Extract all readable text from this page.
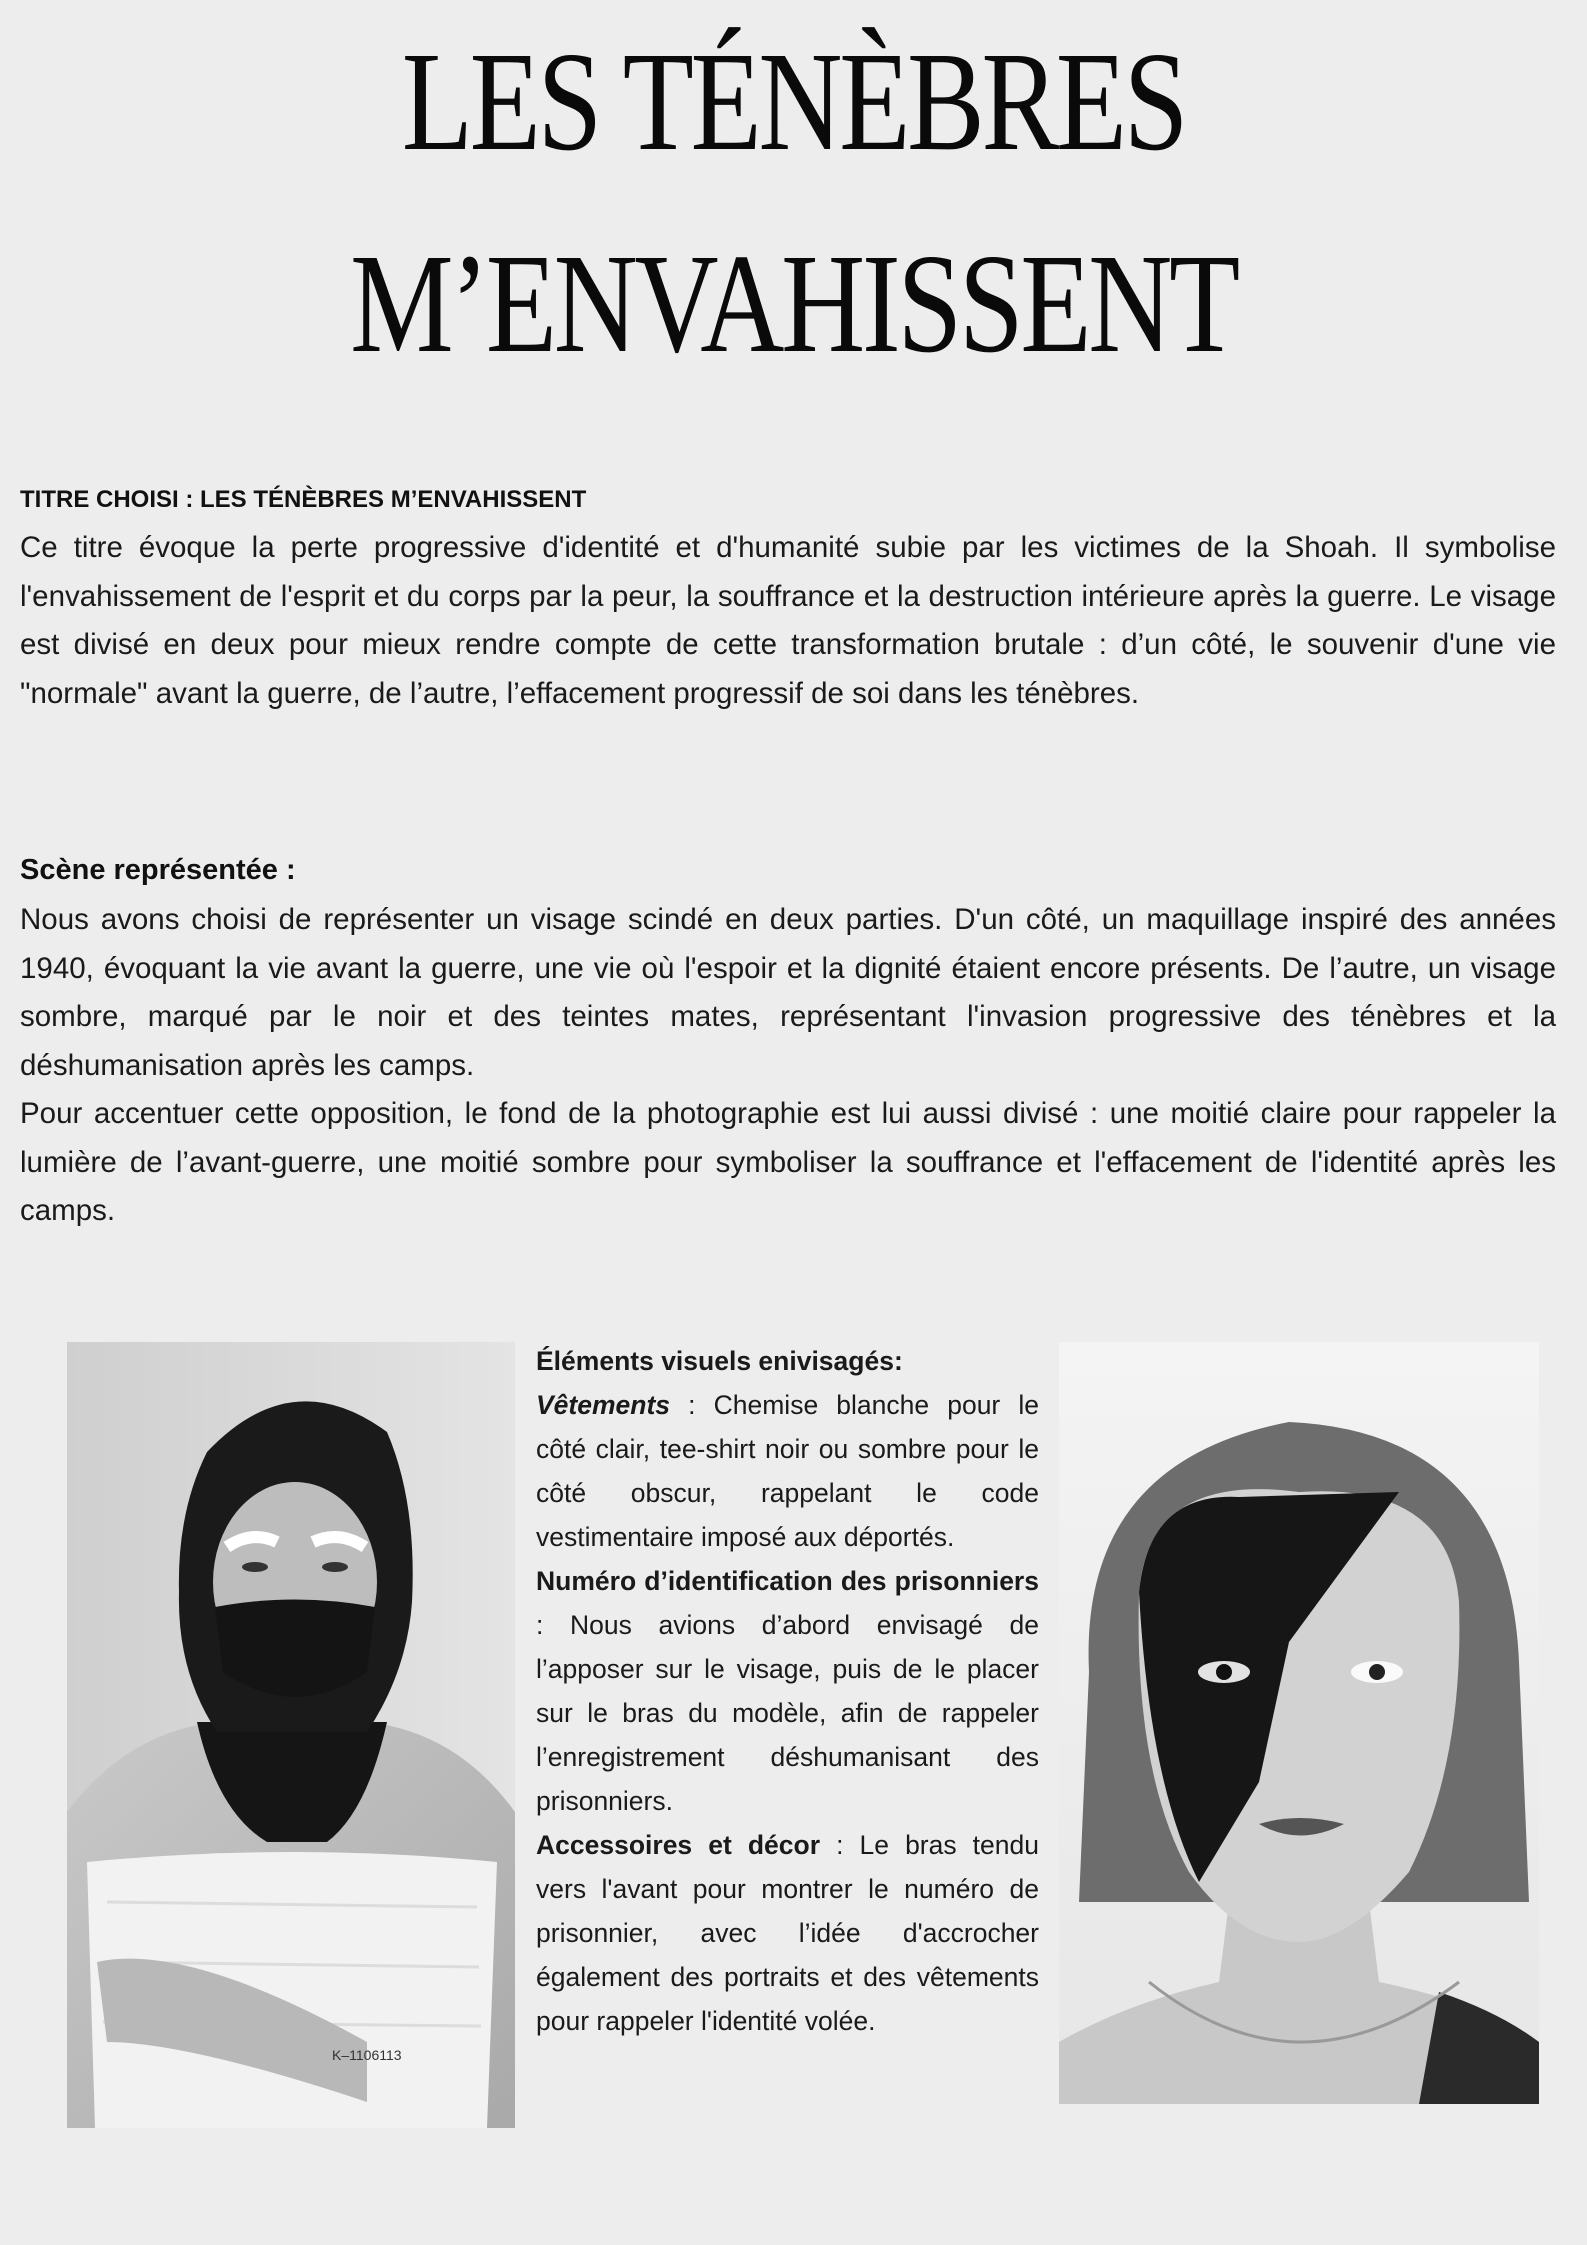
LES TÉNÈBRES
M’ENVAHISSENT
TITRE CHOISI : LES TÉNÈBRES M’ENVAHISSENT
Ce titre évoque la perte progressive d'identité et d'humanité subie par les victimes de la Shoah. Il symbolise l'envahissement de l'esprit et du corps par la peur, la souffrance et la destruction intérieure après la guerre. Le visage est divisé en deux pour mieux rendre compte de cette transformation brutale : d’un côté, le souvenir d'une vie "normale" avant la guerre, de l’autre, l’effacement progressif de soi dans les ténèbres.
Scène représentée :
Nous avons choisi de représenter un visage scindé en deux parties. D'un côté, un maquillage inspiré des années 1940, évoquant la vie avant la guerre, une vie où l'espoir et la dignité étaient encore présents. De l’autre, un visage sombre, marqué par le noir et des teintes mates, représentant l'invasion progressive des ténèbres et la déshumanisation après les camps.
Pour accentuer cette opposition, le fond de la photographie est lui aussi divisé : une moitié claire pour rappeler la lumière de l’avant-guerre, une moitié sombre pour symboliser la souffrance et l'effacement de l'identité après les camps.
K–1106113

Éléments visuels enivisagés:

Vêtements : Chemise blanche pour le côté clair, tee-shirt noir ou sombre pour le côté obscur, rappelant le code vestimentaire imposé aux déportés.

Numéro d’identification des prisonniers : Nous avions d’abord envisagé de l’apposer sur le visage, puis de le placer sur le bras du modèle, afin de rappeler l’enregistrement déshumanisant des prisonniers.

Accessoires et décor : Le bras tendu vers l'avant pour montrer le numéro de prisonnier, avec l’idée d'accrocher également des portraits et des vêtements pour rappeler l'identité volée.
